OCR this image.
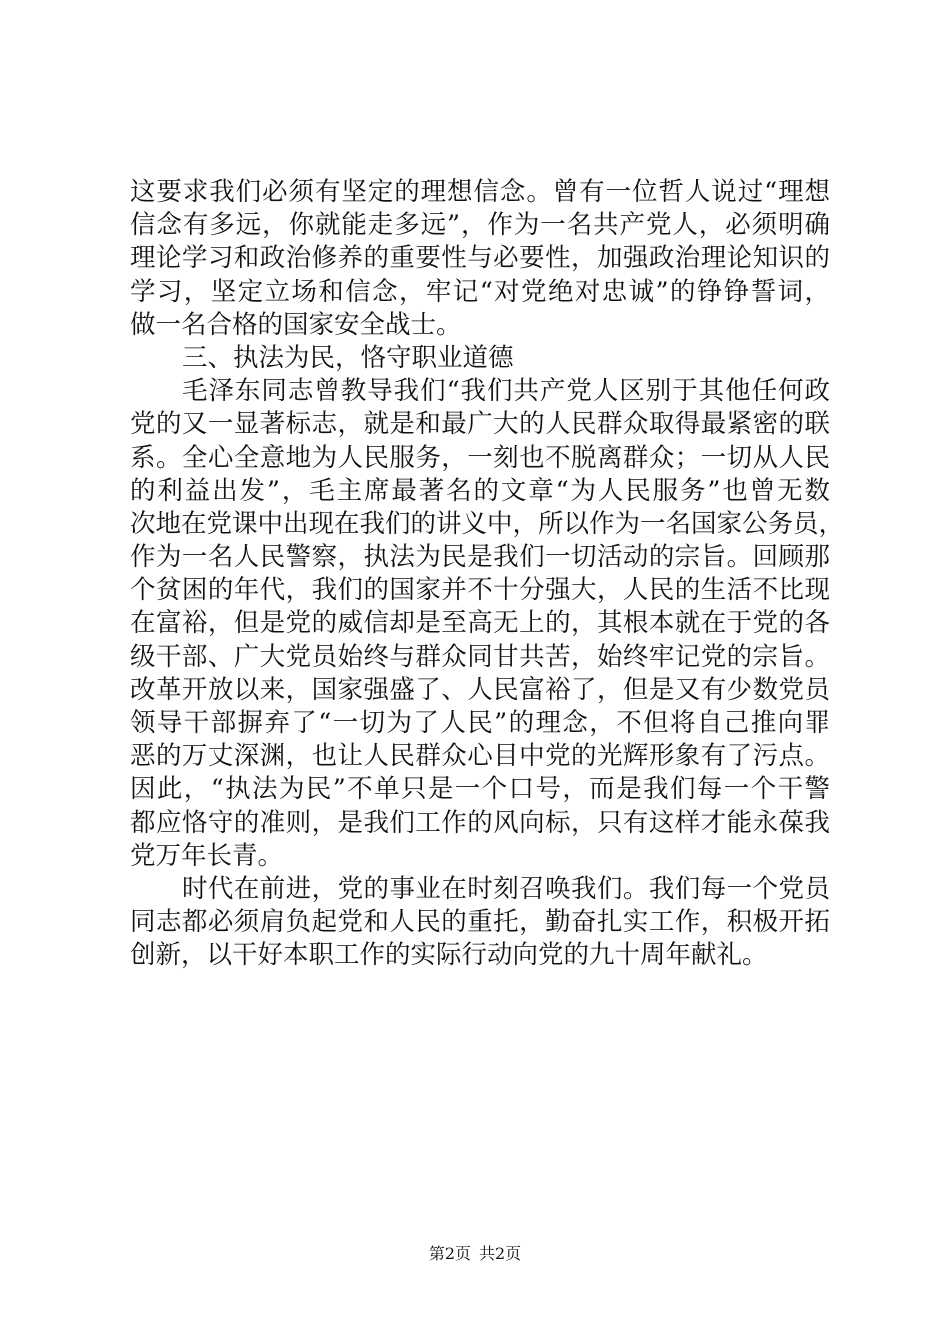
这要求我们必须有坚定的理想信念。曾有一位哲人说过“理想
信念有多远，你就能走多远”，作为一名共产党人，必须明确
理论学习和政治修养的重要性与必要性，加强政治理论知识的
学习，坚定立场和信念，牢记“对党绝对忠诚”的铮铮誓词，
做一名合格的国家安全战士。
三、执法为民，恪守职业道德
毛泽东同志曾教导我们“我们共产党人区别于其他任何政
党的又一显著标志，就是和最广大的人民群众取得最紧密的联
系。全心全意地为人民服务，一刻也不脱离群众；一切从人民
的利益出发”，毛主席最著名的文章“为人民服务”也曾无数
次地在党课中出现在我们的讲义中，所以作为一名国家公务员，
作为一名人民警察，执法为民是我们一切活动的宗旨。回顾那
个贫困的年代，我们的国家并不十分强大，人民的生活不比现
在富裕，但是党的威信却是至高无上的，其根本就在于党的各
级干部、广大党员始终与群众同甘共苦，始终牢记党的宗旨。
改革开放以来，国家强盛了、人民富裕了，但是又有少数党员
领导干部摒弃了“一切为了人民”的理念，不但将自己推向罪
恶的万丈深渊，也让人民群众心目中党的光辉形象有了污点。
因此，“执法为民”不单只是一个口号，而是我们每一个干警
都应恪守的准则，是我们工作的风向标，只有这样才能永葆我
党万年长青。
时代在前进，党的事业在时刻召唤我们。我们每一个党员
同志都必须肩负起党和人民的重托，勤奋扎实工作，积极开拓
创新，以干好本职工作的实际行动向党的九十周年献礼。
第2页 共2页
